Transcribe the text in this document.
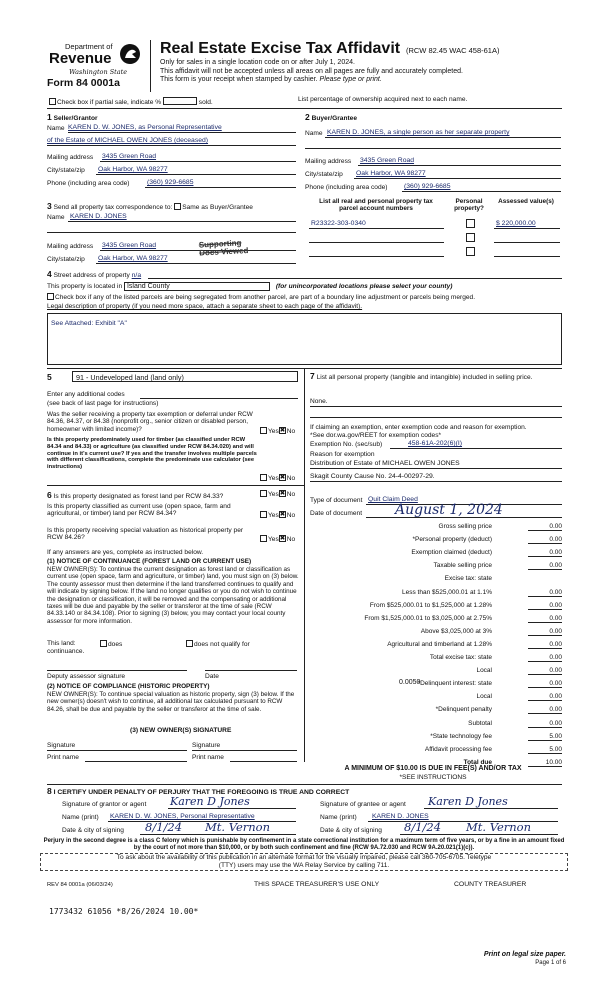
Department of
Revenue
Washington State
Form 84 0001a
Real Estate Excise Tax Affidavit (RCW 82.45 WAC 458-61A)
Only for sales in a single location code on or after July 1, 2024.
This affidavit will not be accepted unless all areas on all pages are fully and accurately completed.
This form is your receipt when stamped by cashier. Please type or print.
Check box if partial sale, indicate %	sold.	List percentage of ownership acquired next to each name.
1 Seller/Grantor
Name KAREN D. W. JONES, as Personal Representative
of the Estate of MICHAEL OWEN JONES (deceased)
Mailing address 3435 Green Road
City/state/zip Oak Harbor, WA 98277
Phone (including area code)	(360) 929-6685
2 Buyer/Grantee
Name KAREN D. JONES, a single person as her separate property
Mailing address 3435 Green Road
City/state/zip Oak Harbor, WA 98277
Phone (including area code) (360) 929-6685
3 Send all property tax correspondence to: Same as Buyer/Grantee
Name KAREN D. JONES
Mailing address 3435 Green Road
City/state/zip Oak Harbor, WA 98277
Supporting Docs Viewed
List all real and personal property tax parcel account numbers
Personal property?
Assessed value(s)
R23322-303-0340	$ 220,000.00
4 Street address of property n/a
This property is located in Island County	(for unincorporated locations please select your county)
Check box if any of the listed parcels are being segregated from another parcel, are part of a boundary line adjustment or parcels being merged.
Legal description of property (if you need more space, attach a separate sheet to each page of the affidavit).
See Attached: Exhibit "A"
5	91 - Undeveloped land (land only)
Enter any additional codes
(see back of last page for instructions)
Was the seller receiving a property tax exemption or deferral under RCW 84.36, 84.37, or 84.38 (nonprofit org., senior citizen or disabled person, homeowner with limited income)?	Yes ✖ No
Is this property predominately used for timber (as classified under RCW 84.34 and 84.33) or agriculture (as classified under RCW 84.34.020) and will continue in it's current use? If yes and the transfer involves multiple parcels with different classifications, complete the predominate use calculator (see instructions)
Yes ✖ No
6 Is this property designated as forest land per RCW 84.33?	Yes ✖ No
Is this property classified as current use (open space, farm and agricultural, or timber) land per RCW 84.34?	Yes ✖ No
Is this property receiving special valuation as historical property per RCW 84.26?	Yes ✖ No
If any answers are yes, complete as instructed below.
(1) NOTICE OF CONTINUANCE (FOREST LAND OR CURRENT USE)
NEW OWNER(S): To continue the current designation as forest land or classification as current use (open space, farm and agriculture, or timber) land, you must sign on (3) below. The county assessor must then determine if the land transferred continues to qualify and will indicate by signing below. If the land no longer qualifies or you do not wish to continue the designation or classification, it will be removed and the compensating or additional taxes will be due and payable by the seller or transferor at the time of sale (RCW 84.33.140 or 84.34.108). Prior to signing (3) below, you may contact your local county assessor for more information.
This land:	does	does not qualify for
continuance.
Deputy assessor signature	Date
(2) NOTICE OF COMPLIANCE (HISTORIC PROPERTY)
NEW OWNER(S): To continue special valuation as historic property, sign (3) below. If the new owner(s) doesn't wish to continue, all additional tax calculated pursuant to RCW 84.26, shall be due and payable by the seller or transferor at the time of sale.
(3) NEW OWNER(S) SIGNATURE
Signature	Signature
Print name	Print name
7 List all personal property (tangible and intangible) included in selling price.
None.
If claiming an exemption, enter exemption code and reason for exemption.
*See dor.wa.gov/REET for exemption codes*
Exemption No. (sec/sub)	458-61A-202(6)(I)
Reason for exemption
Distribution of Estate of MICHAEL OWEN JONES
Skagit County Cause No. 24-4-00297-29.
Type of document Quit Claim Deed
Date of document August 1, 2024
Gross selling price	0.00
*Personal property (deduct)	0.00
Exemption claimed (deduct)	0.00
Taxable selling price	0.00
Excise tax: state
Less than $525,000.01 at 1.1%	0.00
From $525,000.01 to $1,525,000 at 1.28%	0.00
From $1,525,000.01 to $3,025,000 at 2.75%	0.00
Above $3,025,000 at 3%	0.00
Agricultural and timberland at 1.28%	0.00
Total excise tax: state	0.00
Local	0.00
*Delinquent interest: state	0.00
Local	0.00
*Delinquent penalty	0.00
Subtotal	0.00
*State technology fee	5.00
Affidavit processing fee	5.00
Total due	10.00
0.0050
A MINIMUM OF $10.00 IS DUE IN FEE(S) AND/OR TAX
*SEE INSTRUCTIONS
8 I CERTIFY UNDER PENALTY OF PERJURY THAT THE FOREGOING IS TRUE AND CORRECT
Signature of grantor or agent Karen D Jones
Name (print) KAREN D. W. JONES, Personal Representative
Date & city of signing 8/1/24 Mt. Vernon
Signature of grantee or agent Karen D Jones
Name (print) KAREN D. JONES
Date & city of signing 8/1/24 Mt. Vernon
Perjury in the second degree is a class C felony which is punishable by confinement in a state correctional institution for a maximum term of five years, or by a fine in an amount fixed by the court of not more than $10,000, or by both such confinement and fine (RCW 9A.72.030 and RCW 9A.20.021(1)(c)).
To ask about the availability of this publication in an alternate format for the visually impaired, please call 360-705-6705. Teletype
(TTY) users may use the WA Relay Service by calling 711.
REV 84 0001a (06/03/24)	THIS SPACE TREASURER'S USE ONLY	COUNTY TREASURER
1773432 61056 *8/26/2024 10.00*
Print on legal size paper.
Page 1 of 6
